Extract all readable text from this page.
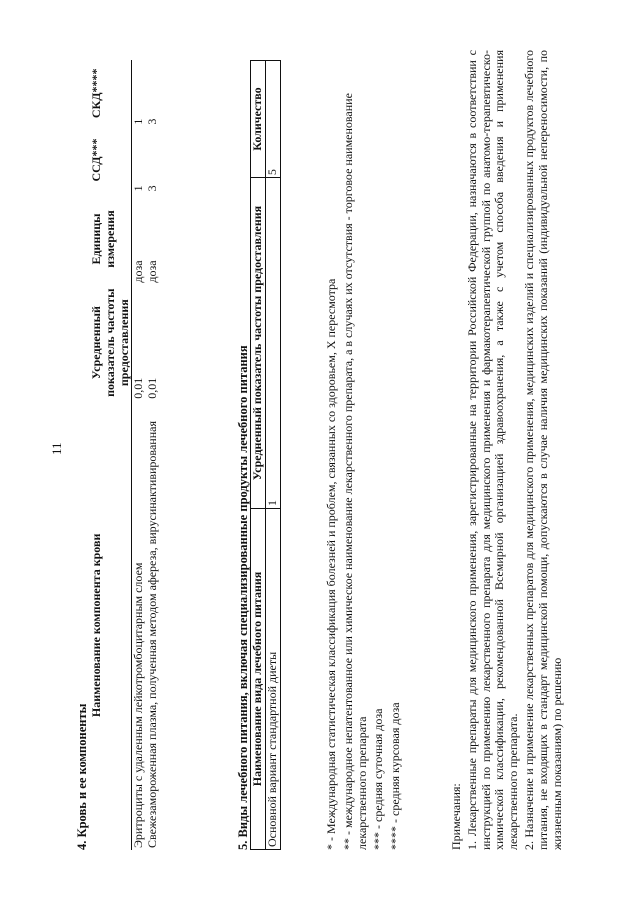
11
4. Кровь и ее компоненты
Наименование компонента крови	Усредненный показатель частоты предоставления	Единицы измерения	ССД***	СКД****
Эритроциты с удаленным лейкотромбоцитарным слоем	0,01	доза	1	1
Свежезамороженная плазма, полученная методом афереза, вирусинактивированная	0,01	доза	3	3
5. Виды лечебного питания, включая специализированные продукты лечебного питания Наименование вида лечебного питания	Усредненный показатель частоты предоставления	Количество
Основной вариант стандартной диеты	1	5
* - Международная статистическая классификация болезней и проблем, связанных со здоровьем, X пересмотра ** - международное непатентованное или химическое наименование лекарственного препарата, а в случаях их отсутствия - торговое наименование лекарственного препарата *** - средняя суточная доза **** - средняя курсовая доза	Примечания: 1. Лекарственные препараты для медицинского применения, зарегистрированные на территории Российской Федерации, назначаются в соответствии с инструкцией по применению лекарственного препарата для медицинского применения и фармакотерапевтической группой по анатомо-терапевтическо-химической классификации, рекомендованной Всемирной организацией здравоохранения, а также с учетом способа введения и применения лекарственного препарата. 2. Назначение и применение лекарственных препаратов для медицинского применения, медицинских изделий и специализированных продуктов лечебного питания, не входящих в стандарт медицинской помощи, допускаются в случае наличия медицинских показаний (индивидуальной непереносимости, по жизненным показаниям) по решению
